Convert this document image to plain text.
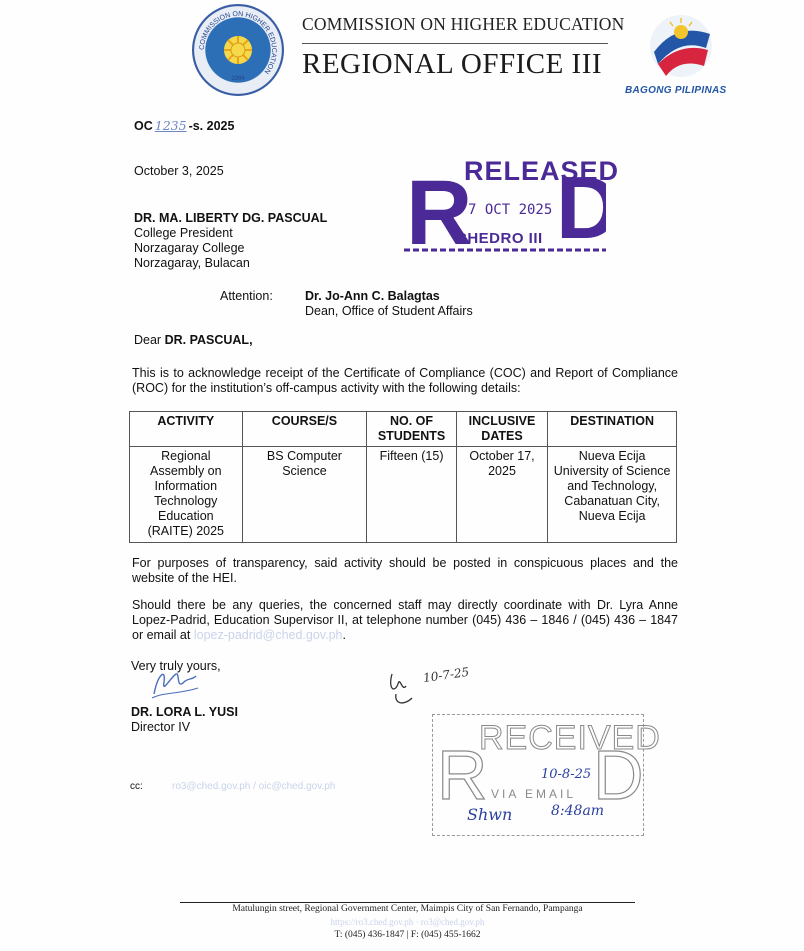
COMMISSION ON HIGHER EDUCATION
1994
COMMISSION ON HIGHER EDUCATION
REGIONAL OFFICE III
BAGONG PILIPINAS
OC 1235 -s. 2025
October 3, 2025 R D
RELEASED
7 OCT 2025
CHEDRO III
DR. MA. LIBERTY DG. PASCUAL
College President
Norzagaray College
Norzagaray, Bulacan
Attention:	Dr. Jo-Ann C. Balagtas
Dean, Office of Student Affairs
Dear DR. PASCUAL,
This is to acknowledge receipt of the Certificate of Compliance (COC) and Report of Compliance (ROC) for the institution’s off-campus activity with the following details:
ACTIVITY	COURSE/S	NO. OF STUDENTS	INCLUSIVE DATES	DESTINATION
Regional Assembly on Information Technology Education (RAITE) 2025	BS Computer Science	Fifteen (15)	October 17, 2025	Nueva Ecija University of Science and Technology, Cabanatuan City, Nueva Ecija
For purposes of transparency, said activity should be posted in conspicuous places and the website of the HEI.
Should there be any queries, the concerned staff may directly coordinate with Dr. Lyra Anne Lopez-Padrid, Education Supervisor II, at telephone number (045) 436 – 1846 / (045) 436 – 1847 or email at lopez-padrid@ched.gov.ph.
Very truly yours,
DR. LORA L. YUSI
Director IV
10-7-25
R D
RECEIVED
VIA EMAIL
10-8-25
Shwn	8:48am
cc:	ro3@ched.gov.ph / oic@ched.gov.ph
Matulungin street, Regional Government Center, Maimpis City of San Fernando, Pampanga
https://ro3.ched.gov.ph · ro3@ched.gov.ph
T: (045) 436-1847 | F: (045) 455-1662
